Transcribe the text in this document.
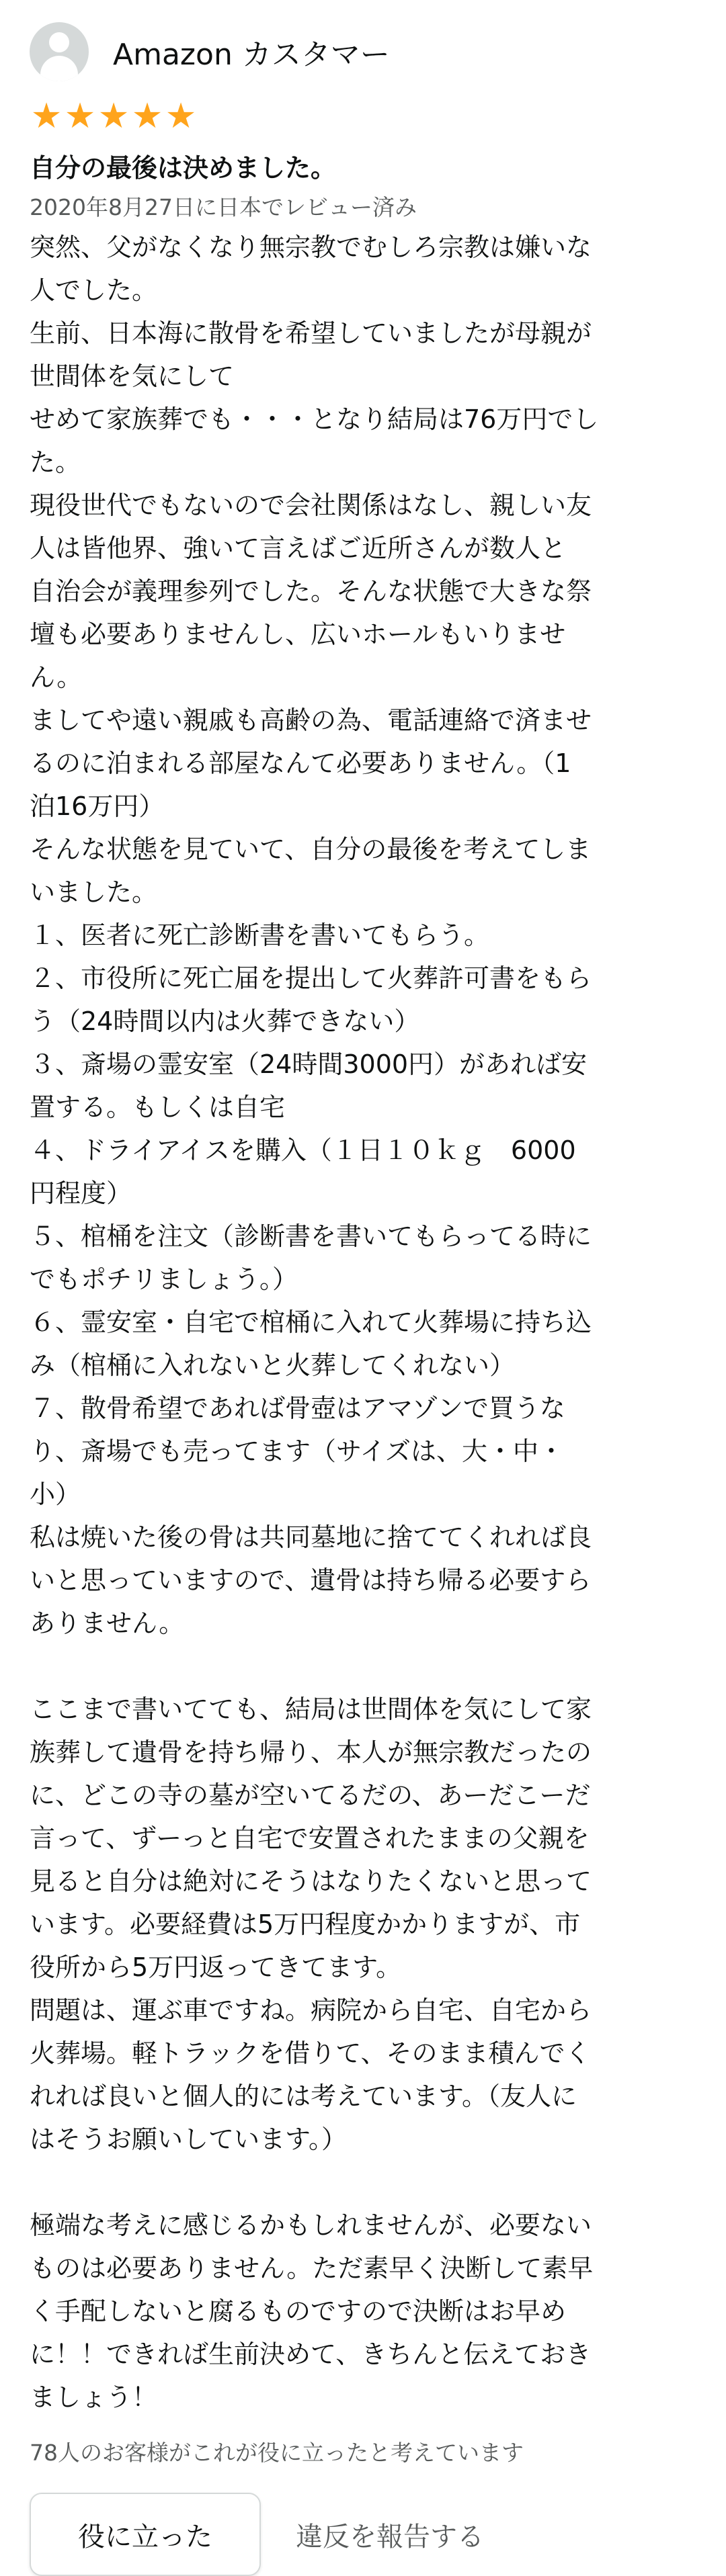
Amazon カスタマー
★ ★ ★ ★ ★
自分の最後は決めました。
2020年8月27日に日本でレビュー済み
突然、父がなくなり無宗教でむしろ宗教は嫌いな
人でした。
生前、日本海に散骨を希望していましたが母親が
世間体を気にして
せめて家族葬でも・・・となり結局は76万円でし
た。
現役世代でもないので会社関係はなし、親しい友
人は皆他界、強いて言えばご近所さんが数人と
自治会が義理参列でした。そんな状態で大きな祭
壇も必要ありませんし、広いホールもいりませ
ん。
ましてや遠い親戚も高齢の為、電話連絡で済ませ
るのに泊まれる部屋なんて必要ありません。（1
泊16万円）
そんな状態を見ていて、自分の最後を考えてしま
いました。
１、医者に死亡診断書を書いてもらう。
２、市役所に死亡届を提出して火葬許可書をもら
う（24時間以内は火葬できない）
３、斎場の霊安室（24時間3000円）があれば安
置する。もしくは自宅
４、ドライアイスを購入（１日１０ｋｇ　6000
円程度）
５、棺桶を注文（診断書を書いてもらってる時に
でもポチリましょう。）
６、霊安室・自宅で棺桶に入れて火葬場に持ち込
み（棺桶に入れないと火葬してくれない）
７、散骨希望であれば骨壺はアマゾンで買うな
り、斎場でも売ってます（サイズは、大・中・
小）
私は焼いた後の骨は共同墓地に捨ててくれれば良
いと思っていますので、遺骨は持ち帰る必要すら
ありません。
ここまで書いてても、結局は世間体を気にして家
族葬して遺骨を持ち帰り、本人が無宗教だったの
に、どこの寺の墓が空いてるだの、あーだこーだ
言って、ずーっと自宅で安置されたままの父親を
見ると自分は絶対にそうはなりたくないと思って
います。必要経費は5万円程度かかりますが、市
役所から5万円返ってきてます。
問題は、運ぶ車ですね。病院から自宅、自宅から
火葬場。軽トラックを借りて、そのまま積んでく
れれば良いと個人的には考えています。（友人に
はそうお願いしています。）
極端な考えに感じるかもしれませんが、必要ない
ものは必要ありません。ただ素早く決断して素早
く手配しないと腐るものですので決断はお早め
に！！できれば生前決めて、きちんと伝えておき
ましょう！
78人のお客様がこれが役に立ったと考えています
役に立った	違反を報告する
